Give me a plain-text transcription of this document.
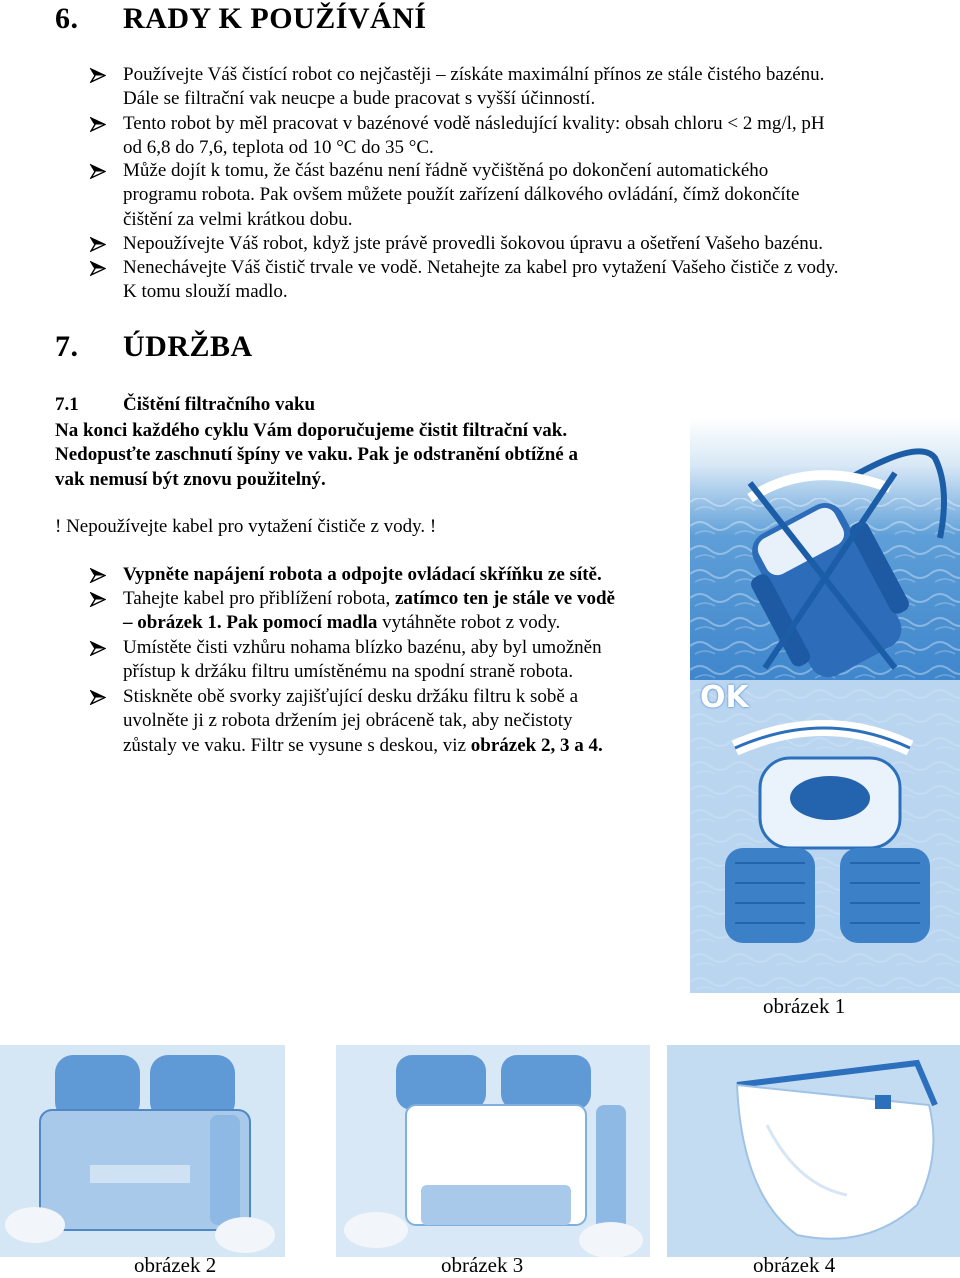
6. RADY K POUŽÍVÁNÍ
Používejte Váš čistící robot co nejčastěji – získáte maximální přínos ze stále čistého bazénu.
Dále se filtrační vak neucpe a bude pracovat s vyšší účinností.
Tento robot by měl pracovat v bazénové vodě následující kvality: obsah chloru < 2 mg/l, pH
od 6,8 do 7,6, teplota od 10 °C do 35 °C.
Může dojít k tomu, že část bazénu není řádně vyčištěná po dokončení automatického
programu robota. Pak ovšem můžete použít zařízení dálkového ovládání, čímž dokončíte
čištění za velmi krátkou dobu.
Nepoužívejte Váš robot, když jste právě provedli šokovou úpravu a ošetření Vašeho bazénu.
Nenechávejte Váš čistič trvale ve vodě. Netahejte za kabel pro vytažení Vašeho čističe z vody.
K tomu slouží madlo.
7. ÚDRŽBA
7.1 Čištění filtračního vaku
Na konci každého cyklu Vám doporučujeme čistit filtrační vak.
Nedopusťte zaschnutí špíny ve vaku. Pak je odstranění obtížné a
vak nemusí být znovu použitelný.
! Nepoužívejte kabel pro vytažení čističe z vody. !
Vypněte napájení robota a odpojte ovládací skříňku ze sítě.
Tahejte kabel pro přiblížení robota, zatímco ten je stále ve vodě
– obrázek 1. Pak pomocí madla vytáhněte robot z vody.
Umístěte čisti vzhůru nohama blízko bazénu, aby byl umožněn
přístup k držáku filtru umístěnému na spodní straně robota.
Stiskněte obě svorky zajišťující desku držáku filtru k sobě a
uvolněte ji z robota držením jej obráceně tak, aby nečistoty
zůstaly ve vaku. Filtr se vysune s deskou, viz obrázek 2, 3 a 4.
OK
obrázek 1
obrázek 2	obrázek 3	obrázek 4
